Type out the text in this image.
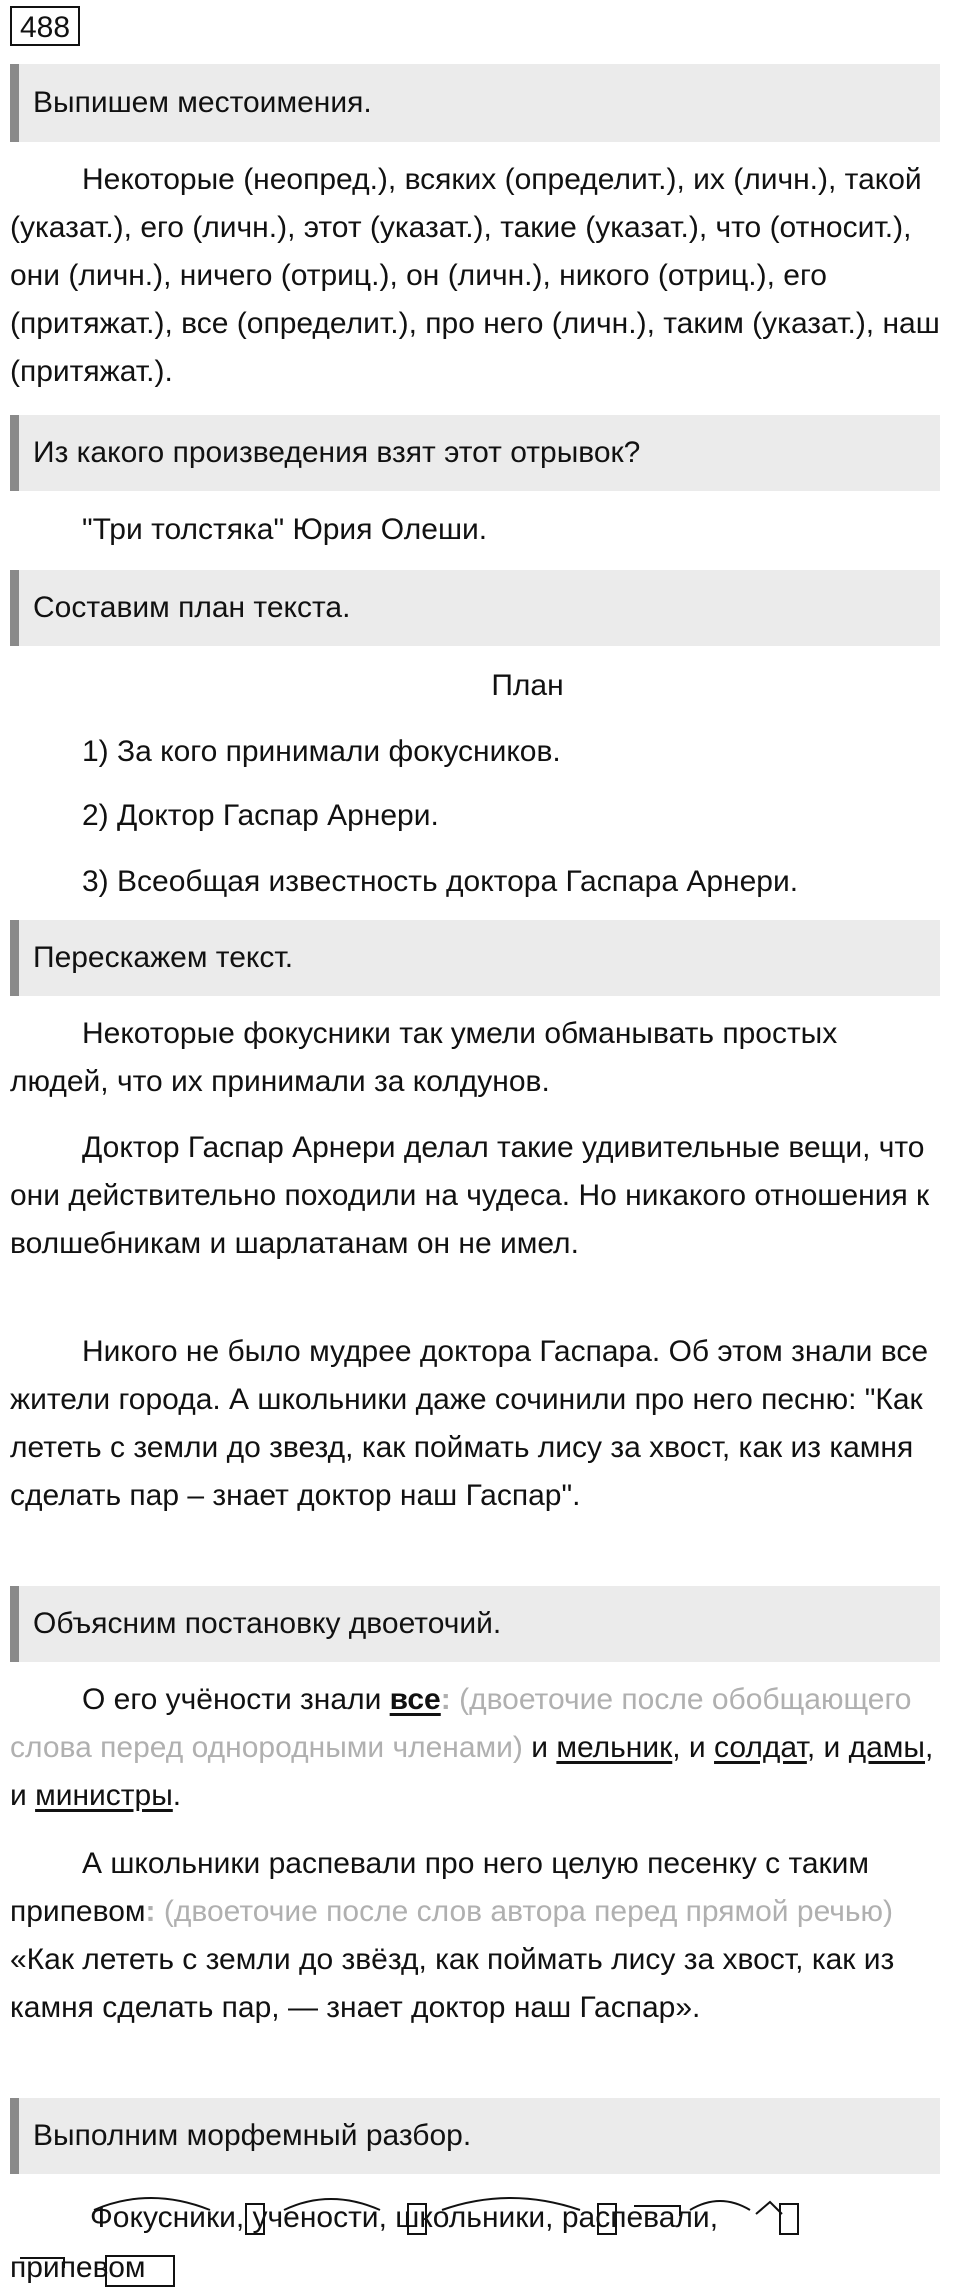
488
Выпишем местоимения.

Некоторые (неопред.), всяких (определит.), их (личн.), такой (указат.), его (личн.), этот (указат.), такие (указат.), что (относит.), они (личн.), ничего (отриц.), он (личн.), никого (отриц.), его (притяжат.), все (определит.), про него (личн.), таким (указат.), наш (притяжат.).

Из какого произведения взят этот отрывок?

"Три толстяка" Юрия Олеши.

Составим план текста.

План

1) За кого принимали фокусников.

2) Доктор Гаспар Арнери.

3) Всеобщая известность доктора Гаспара Арнери.

Перескажем текст.

Некоторые фокусники так умели обманывать простых людей, что их принимали за колдунов.

Доктор Гаспар Арнери делал такие удивительные вещи, что они действительно походили на чудеса. Но никакого отношения к волшебникам и шарлатанам он не имел.

Никого не было мудрее доктора Гаспара. Об этом знали все жители города. А школьники даже сочинили про него песню: "Как лететь с земли до звезд, как поймать лису за хвост, как из камня сделать пар – знает доктор наш Гаспар".

Объясним постановку двоеточий.

О его учёности знали все: (двоеточие после обобщающего слова перед однородными членами) и мельник, и солдат, и дамы, и министры.

А школьники распевали про него целую песенку с таким припевом: (двоеточие после слов автора перед прямой речью) «Как лететь с земли до звёзд, как поймать лису за хвост, как из камня сделать пар, — знает доктор наш Гаспар».

Выполним морфемный разбор.
Фокусники, учености, школьники, распевали,
припевом
